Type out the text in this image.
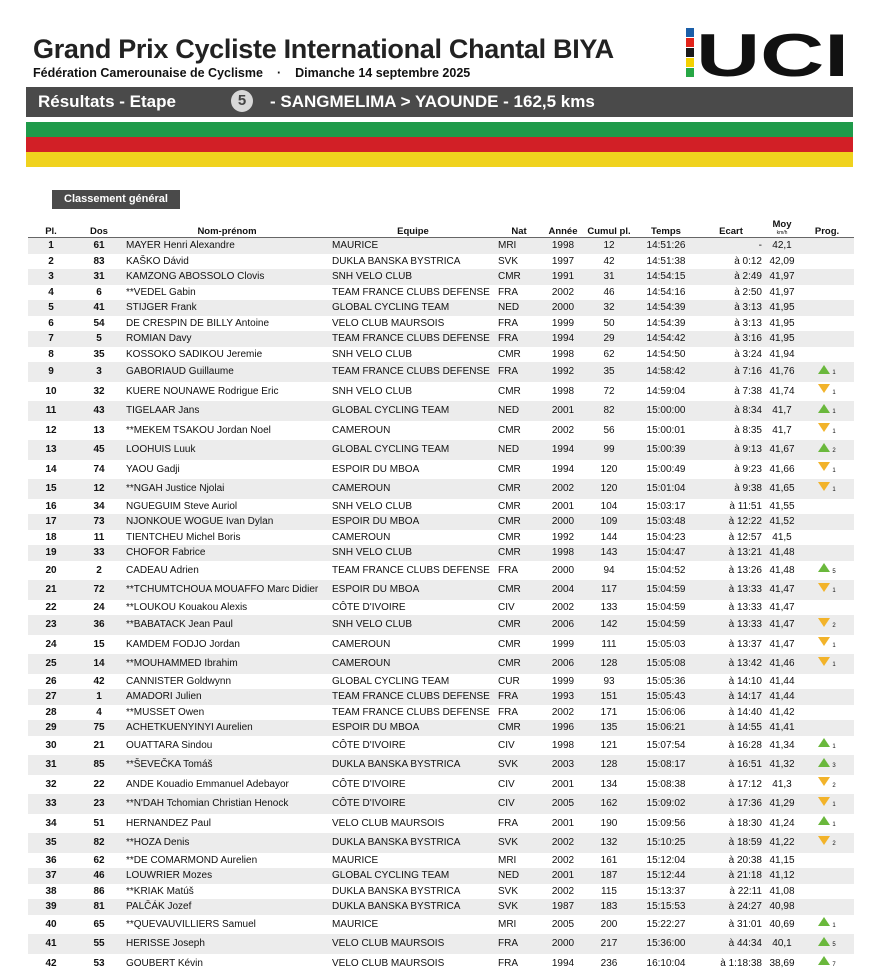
Grand Prix Cycliste International Chantal BIYA
Fédération Camerounaise de Cyclisme · Dimanche 14 septembre 2025	UCI
Résultats - Etape	5	- SANGMELIMA > YAOUNDE - 162,5 kms
Classement général
Pl.	Dos	Nom-prénom	Equipe	Nat	Année	Cumul pl.	Temps	Ecart	Moy
km/h	Prog.
1	61	MAYER Henri Alexandre	MAURICE	MRI	1998	12	14:51:26	-	42,1	
2	83	KAŠKO Dávid	DUKLA BANSKA BYSTRICA	SVK	1997	42	14:51:38	à 0:12	42,09	
3	31	KAMZONG ABOSSOLO Clovis	SNH VELO CLUB	CMR	1991	31	14:54:15	à 2:49	41,97	
4	6	**VEDEL Gabin	TEAM FRANCE CLUBS DEFENSE	FRA	2002	46	14:54:16	à 2:50	41,97	
5	41	STIJGER Frank	GLOBAL CYCLING TEAM	NED	2000	32	14:54:39	à 3:13	41,95	
6	54	DE CRESPIN DE BILLY Antoine	VELO CLUB MAURSOIS	FRA	1999	50	14:54:39	à 3:13	41,95	
7	5	ROMIAN Davy	TEAM FRANCE CLUBS DEFENSE	FRA	1994	29	14:54:42	à 3:16	41,95	
8	35	KOSSOKO SADIKOU Jeremie	SNH VELO CLUB	CMR	1998	62	14:54:50	à 3:24	41,94	
9	3	GABORIAUD Guillaume	TEAM FRANCE CLUBS DEFENSE	FRA	1992	35	14:58:42	à 7:16	41,76	$_1$
10	32	KUERE NOUNAWE Rodrigue Eric	SNH VELO CLUB	CMR	1998	72	14:59:04	à 7:38	41,74	$_1$
11	43	TIGELAAR Jans	GLOBAL CYCLING TEAM	NED	2001	82	15:00:00	à 8:34	41,7	$_1$
12	13	**MEKEM TSAKOU Jordan Noel	CAMEROUN	CMR	2002	56	15:00:01	à 8:35	41,7	$_1$
13	45	LOOHUIS Luuk	GLOBAL CYCLING TEAM	NED	1994	99	15:00:39	à 9:13	41,67	$_2$
14	74	YAOU Gadji	ESPOIR DU MBOA	CMR	1994	120	15:00:49	à 9:23	41,66	$_1$
15	12	**NGAH Justice Njolai	CAMEROUN	CMR	2002	120	15:01:04	à 9:38	41,65	$_1$
16	34	NGUEGUIM Steve Auriol	SNH VELO CLUB	CMR	2001	104	15:03:17	à 11:51	41,55	
17	73	NJONKOUE WOGUE Ivan Dylan	ESPOIR DU MBOA	CMR	2000	109	15:03:48	à 12:22	41,52	
18	11	TIENTCHEU Michel Boris	CAMEROUN	CMR	1992	144	15:04:23	à 12:57	41,5	
19	33	CHOFOR Fabrice	SNH VELO CLUB	CMR	1998	143	15:04:47	à 13:21	41,48	
20	2	CADEAU Adrien	TEAM FRANCE CLUBS DEFENSE	FRA	2000	94	15:04:52	à 13:26	41,48	$_5$
21	72	**TCHUMTCHOUA MOUAFFO Marc Didier	ESPOIR DU MBOA	CMR	2004	117	15:04:59	à 13:33	41,47	$_1$
22	24	**LOUKOU Kouakou Alexis	CÔTE D'IVOIRE	CIV	2002	133	15:04:59	à 13:33	41,47	
23	36	**BABATACK Jean Paul	SNH VELO CLUB	CMR	2006	142	15:04:59	à 13:33	41,47	$_2$
24	15	KAMDEM FODJO Jordan	CAMEROUN	CMR	1999	111	15:05:03	à 13:37	41,47	$_1$
25	14	**MOUHAMMED Ibrahim	CAMEROUN	CMR	2006	128	15:05:08	à 13:42	41,46	$_1$
26	42	CANNISTER Goldwynn	GLOBAL CYCLING TEAM	CUR	1999	93	15:05:36	à 14:10	41,44	
27	1	AMADORI Julien	TEAM FRANCE CLUBS DEFENSE	FRA	1993	151	15:05:43	à 14:17	41,44	
28	4	**MUSSET Owen	TEAM FRANCE CLUBS DEFENSE	FRA	2002	171	15:06:06	à 14:40	41,42	
29	75	ACHETKUENYINYI Aurelien	ESPOIR DU MBOA	CMR	1996	135	15:06:21	à 14:55	41,41	
30	21	OUATTARA Sindou	CÔTE D'IVOIRE	CIV	1998	121	15:07:54	à 16:28	41,34	$_1$
31	85	**ŠEVEČKA Tomáš	DUKLA BANSKA BYSTRICA	SVK	2003	128	15:08:17	à 16:51	41,32	$_3$
32	22	ANDE Kouadio Emmanuel Adebayor	CÔTE D'IVOIRE	CIV	2001	134	15:08:38	à 17:12	41,3	$_2$
33	23	**N'DAH Tchomian Christian Henock	CÔTE D'IVOIRE	CIV	2005	162	15:09:02	à 17:36	41,29	$_1$
34	51	HERNANDEZ Paul	VELO CLUB MAURSOIS	FRA	2001	190	15:09:56	à 18:30	41,24	$_1$
35	82	**HOZA Denis	DUKLA BANSKA BYSTRICA	SVK	2002	132	15:10:25	à 18:59	41,22	$_2$
36	62	**DE COMARMOND Aurelien	MAURICE	MRI	2002	161	15:12:04	à 20:38	41,15	
37	46	LOUWRIER Mozes	GLOBAL CYCLING TEAM	NED	2001	187	15:12:44	à 21:18	41,12	
38	86	**KRIAK Matúš	DUKLA BANSKA BYSTRICA	SVK	2002	115	15:13:37	à 22:11	41,08	
39	81	PALČÁK Jozef	DUKLA BANSKA BYSTRICA	SVK	1987	183	15:15:53	à 24:27	40,98	
40	65	**QUEVAUVILLIERS Samuel	MAURICE	MRI	2005	200	15:22:27	à 31:01	40,69	$_1$
41	55	HERISSE Joseph	VELO CLUB MAURSOIS	FRA	2000	217	15:36:00	à 44:34	40,1	$_5$
42	53	GOUBERT Kévin	VELO CLUB MAURSOIS	FRA	1994	236	16:10:04	à 1:18:38	38,69	$_7$
